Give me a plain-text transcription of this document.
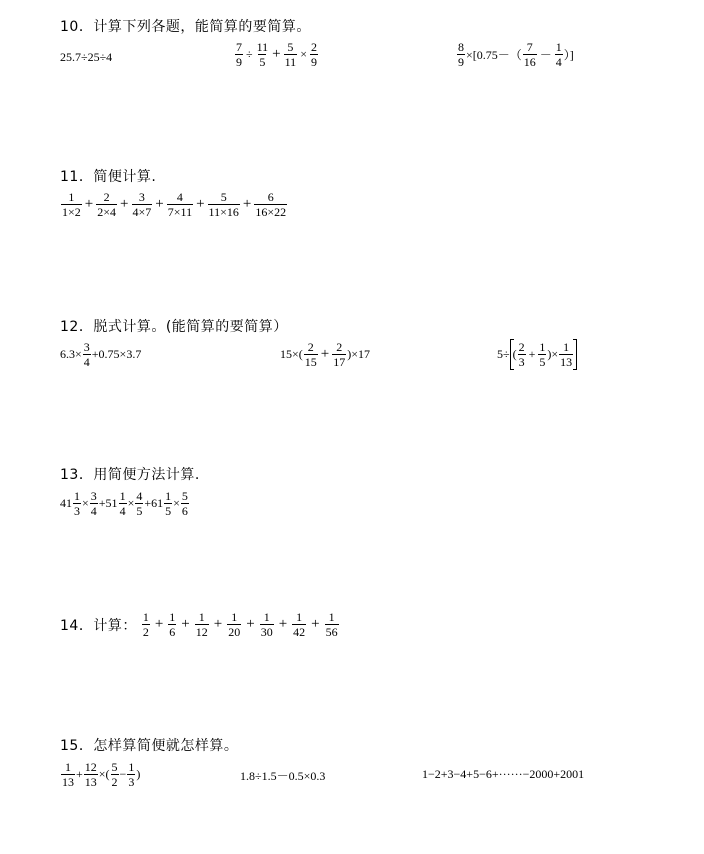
10．计算下列各题，能简算的要简算。
25.7÷25÷4	$\frac{7}{9} \div \frac{11}{5} + \frac{5}{11} \times \frac{2}{9}$	$\frac{8}{9} \times[0.75-( \frac{7}{16} - \frac{1}{4}$ ）]
11．简便计算.
$\frac{1}{1\times 2} + \frac{2}{2\times 4} + \frac{3}{4\times 7} + \frac{4}{7\times 11} + \frac{5}{11\times 16} + \frac{6}{16\times 22}$
12．脱式计算。(能简算的要简算）
$6.3\times \frac{3}{4} +0.75\times 3.7$	$15\times( \frac{2}{15} + \frac{2}{17} )\times 17$	5÷ ( $\frac{2}{3} + \frac{1}{5}$ )× $\frac{1}{13}$
13．用简便方法计算.
$41 \frac{1}{3} \times \frac{3}{4} +51 \frac{1}{4} \times \frac{4}{5} +61 \frac{1}{5} \times \frac{5}{6}$
14．计算： $\frac{1}{2} + \frac{1}{6} + \frac{1}{12} + \frac{1}{20} + \frac{1}{30} + \frac{1}{42} + \frac{1}{56}$
15．怎样算简便就怎样算。
$\frac{1}{13} + \frac{12}{13}$ ×( $\frac{5}{2} - \frac{1}{3}$ )	1.8÷1.5－0.5×0.3	1−2+3−4+5−6+······−2000+2001
